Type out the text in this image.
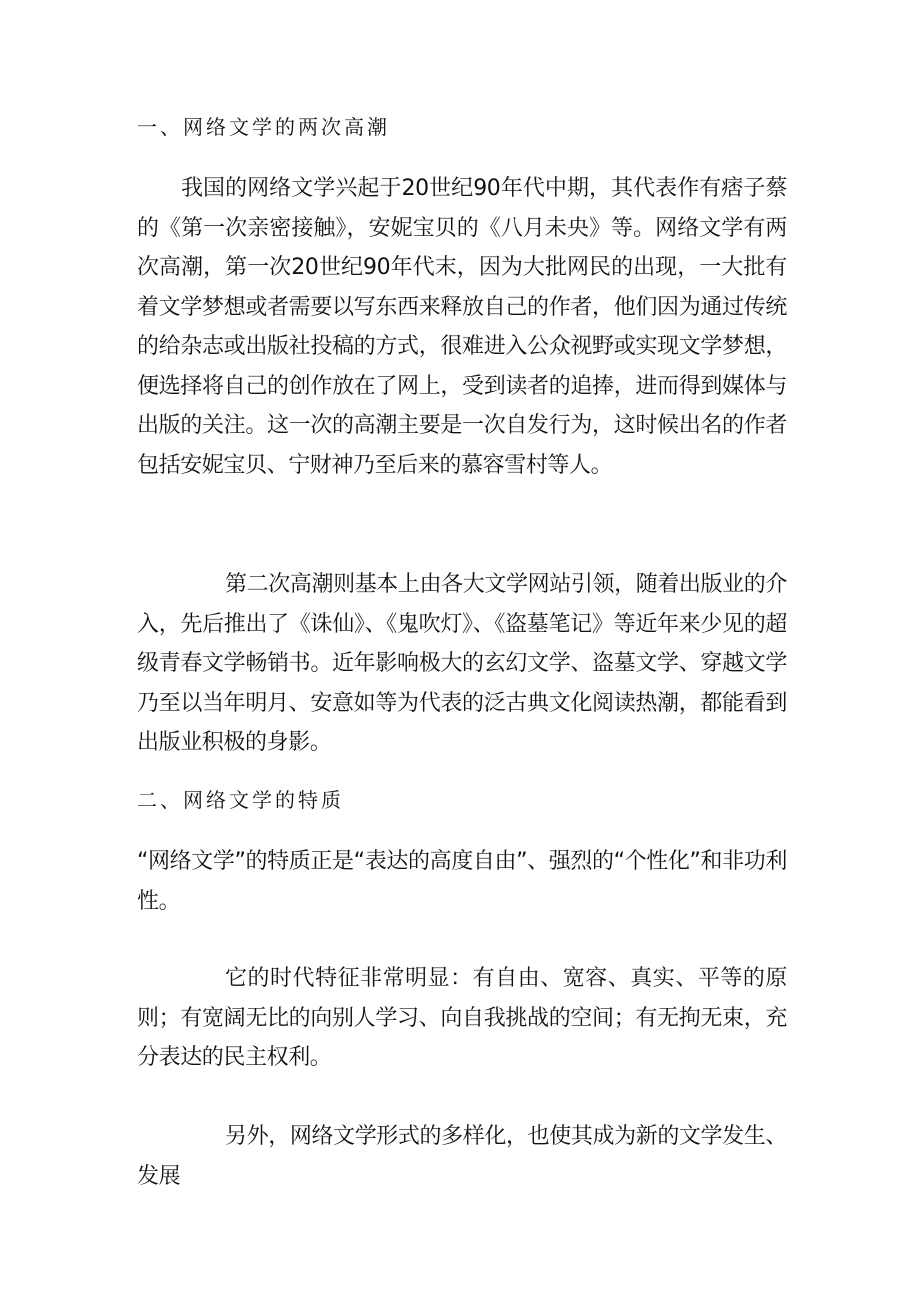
一、网络文学的两次高潮

我国的网络文学兴起于20世纪90年代中期，其代表作有痞子蔡的《第一次亲密接触》，安妮宝贝的《八月未央》等。网络文学有两次高潮，第一次20世纪90年代末，因为大批网民的出现，一大批有着文学梦想或者需要以写东西来释放自己的作者，他们因为通过传统的给杂志或出版社投稿的方式，很难进入公众视野或实现文学梦想，便选择将自己的创作放在了网上，受到读者的追捧，进而得到媒体与出版的关注。这一次的高潮主要是一次自发行为，这时候出名的作者包括安妮宝贝、宁财神乃至后来的慕容雪村等人。

第二次高潮则基本上由各大文学网站引领，随着出版业的介入，先后推出了《诛仙》、《鬼吹灯》、《盗墓笔记》等近年来少见的超级青春文学畅销书。近年影响极大的玄幻文学、盗墓文学、穿越文学乃至以当年明月、安意如等为代表的泛古典文化阅读热潮，都能看到出版业积极的身影。

二、网络文学的特质

“网络文学”的特质正是“表达的高度自由”、强烈的“个性化”和非功利性。

它的时代特征非常明显：有自由、宽容、真实、平等的原则；有宽阔无比的向别人学习、向自我挑战的空间；有无拘无束，充分表达的民主权利。

另外，网络文学形式的多样化，也使其成为新的文学发生、发展
